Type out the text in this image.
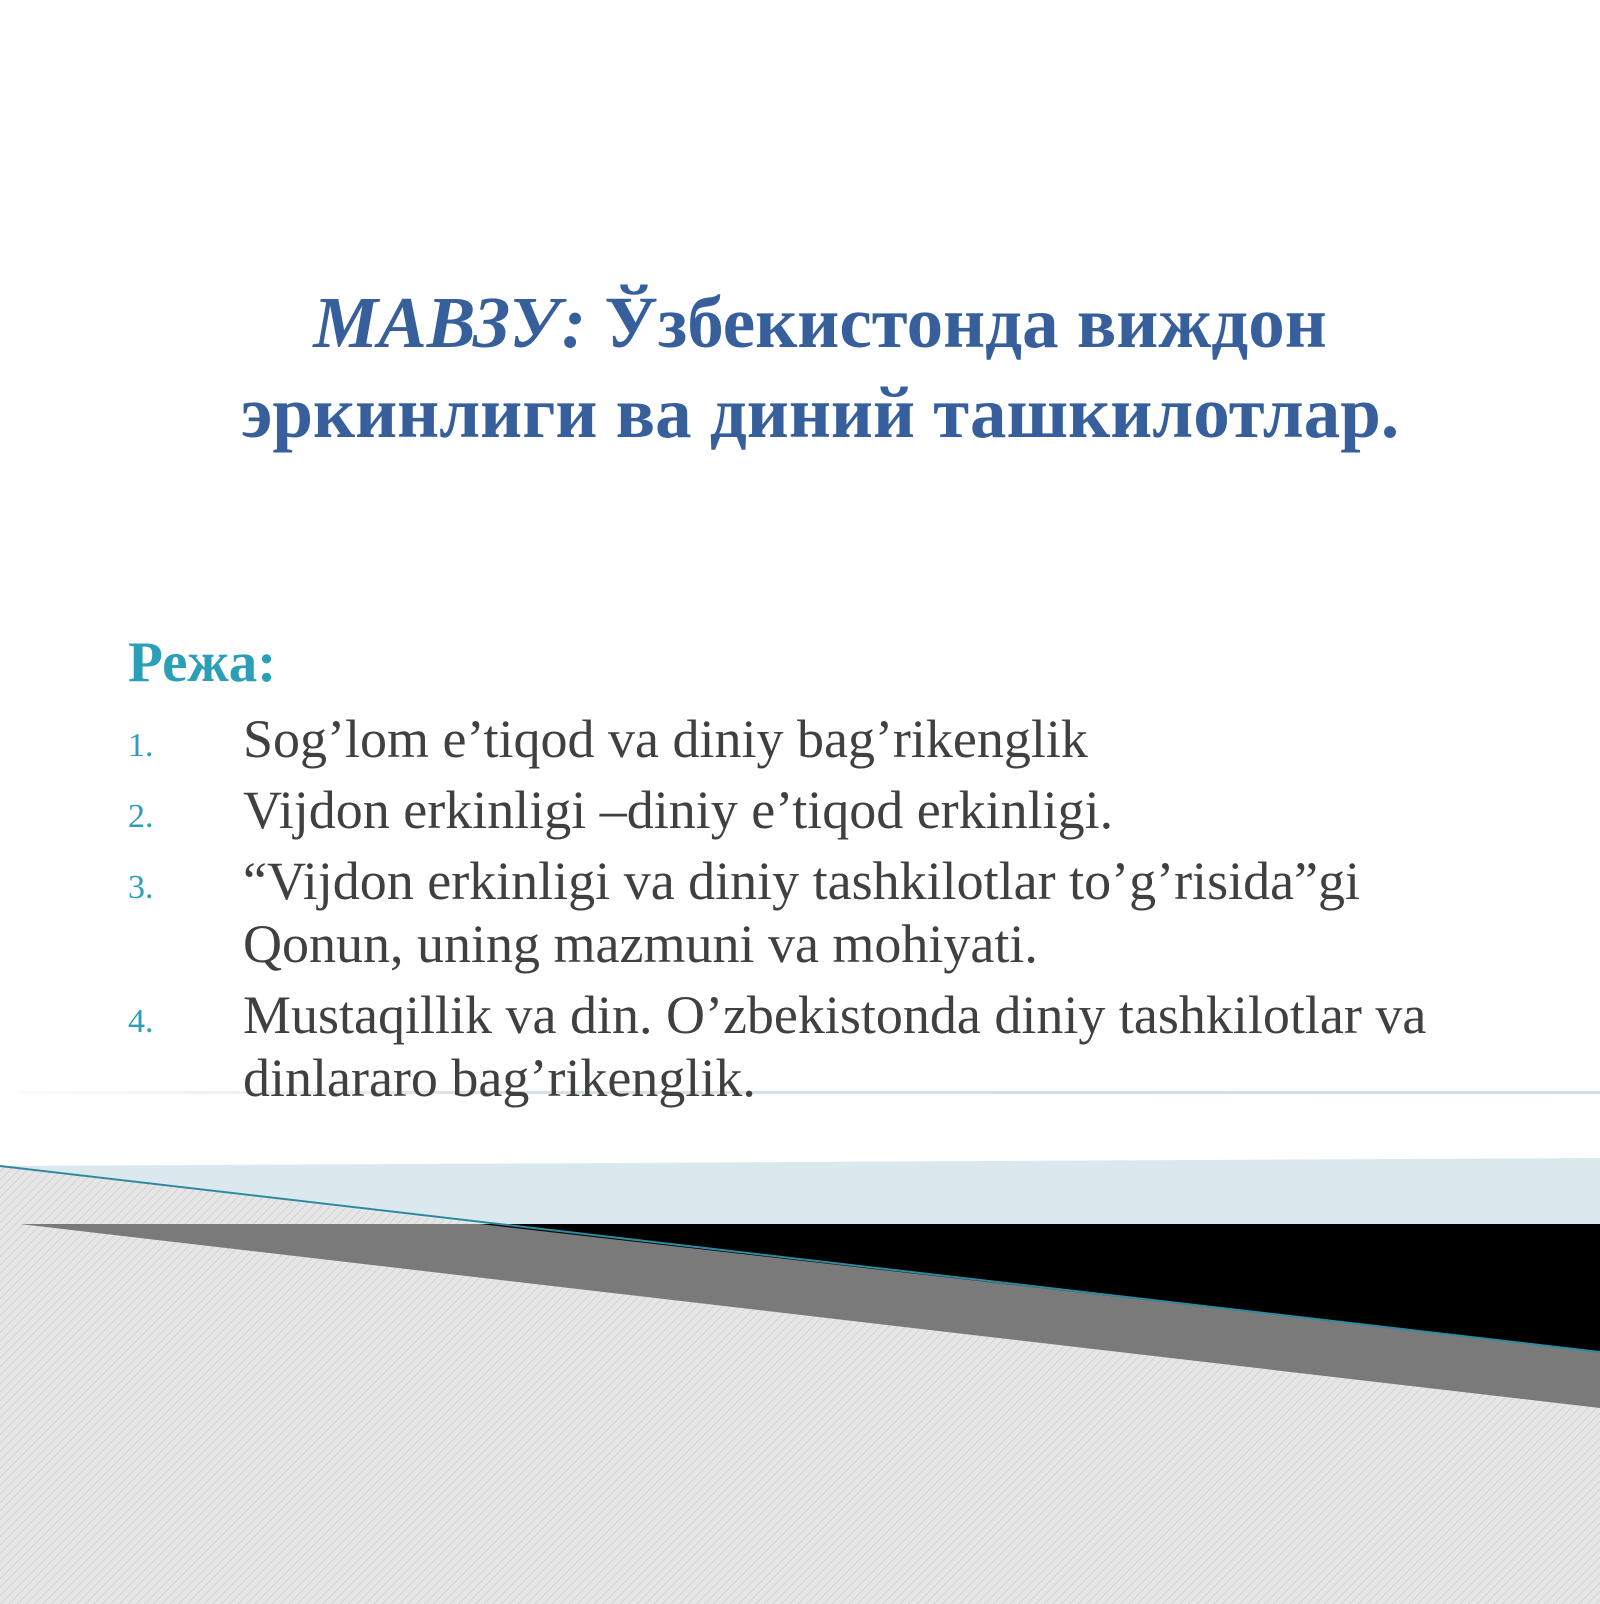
МАВЗУ: Ўзбекистонда виждон эркинлиги ва диний ташкилотлар.
Режа:
1. Sog’lom e’tiqod va diniy bag’rikenglik
2. Vijdon erkinligi –diniy e’tiqod erkinligi.
3. “Vijdon erkinligi va diniy tashkilotlar to’g’risida”gi Qonun, uning mazmuni va mohiyati.
4. Mustaqillik va din. O’zbekistonda diniy tashkilotlar va dinlararo bag’rikenglik.
